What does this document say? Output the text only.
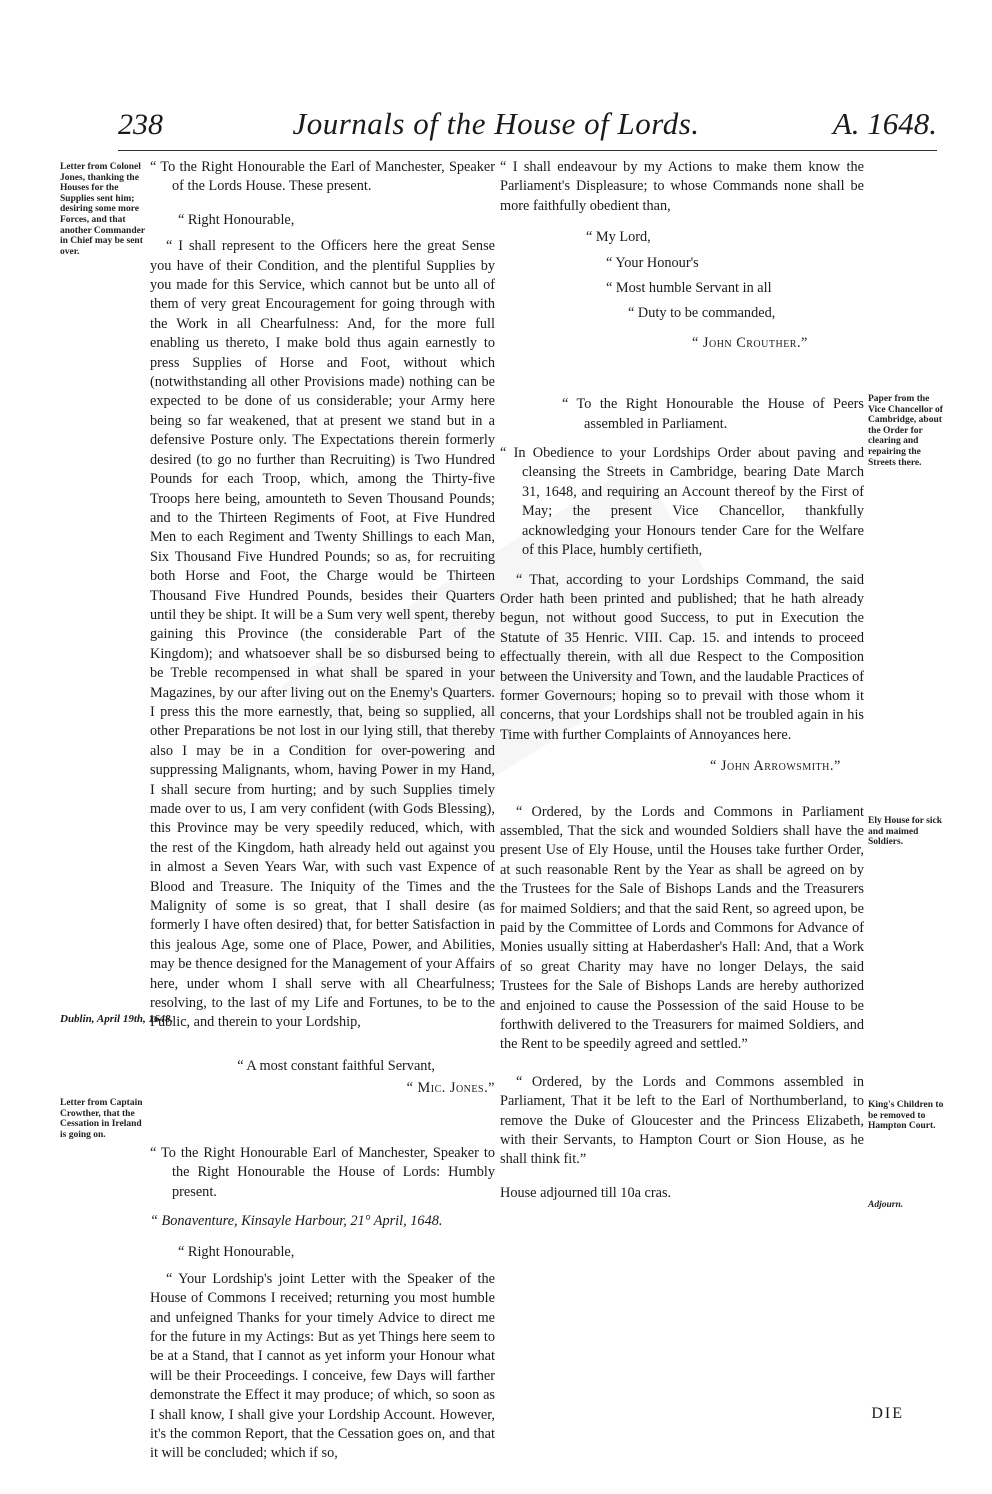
238	Journals of the House of Lords.	A. 1648.
Letter from Colonel Jones, thanking the Houses for the Supplies sent him; desiring some more Forces, and that another Commander in Chief may be sent over.
Letter from Captain Crowther, that the Cessation in Ireland is going on.
Paper from the Vice Chancellor of Cambridge, about the Order for clearing and repairing the Streets there.
Ely House for sick and maimed Soldiers.
King's Children to be removed to Hampton Court.
Adjourn.
Dublin, April 19th, 1648.

“ To the Right Honourable the Earl of Manchester, Speaker of the Lords House. These present.

“ Right Honourable,

“ I shall represent to the Officers here the great Sense you have of their Condition, and the plentiful Supplies by you made for this Service, which cannot but be unto all of them of very great Encouragement for going through with the Work in all Chearfulness: And, for the more full enabling us thereto, I make bold thus again earnestly to press Supplies of Horse and Foot, without which (notwithstanding all other Provisions made) nothing can be expected to be done of us considerable; your Army here being so far weakened, that at present we stand but in a defensive Posture only. The Expectations therein formerly desired (to go no further than Recruiting) is Two Hundred Pounds for each Troop, which, among the Thirty-five Troops here being, amounteth to Seven Thousand Pounds; and to the Thirteen Regiments of Foot, at Five Hundred Men to each Regiment and Twenty Shillings to each Man, Six Thousand Five Hundred Pounds; so as, for recruiting both Horse and Foot, the Charge would be Thirteen Thousand Five Hundred Pounds, besides their Quarters until they be shipt. It will be a Sum very well spent, thereby gaining this Province (the considerable Part of the Kingdom); and whatsoever shall be so disbursed being to be Treble recompensed in what shall be spared in your Magazines, by our after living out on the Enemy's Quarters. I press this the more earnestly, that, being so supplied, all other Preparations be not lost in our lying still, that thereby also I may be in a Condition for over-powering and suppressing Malignants, whom, having Power in my Hand, I shall secure from hurting; and by such Supplies timely made over to us, I am very confident (with Gods Blessing), this Province may be very speedily reduced, which, with the rest of the Kingdom, hath already held out against you in almost a Seven Years War, with such vast Expence of Blood and Treasure. The Iniquity of the Times and the Malignity of some is so great, that I shall desire (as formerly I have often desired) that, for better Satisfaction in this jealous Age, some one of Place, Power, and Abilities, may be thence designed for the Management of your Affairs here, under whom I shall serve with all Chearfulness; resolving, to the last of my Life and Fortunes, to be to the Public, and therein to your Lordship,

“ A most constant faithful Servant,

“ Mic. Jones.”

“ To the Right Honourable Earl of Manchester, Speaker to the Right Honourable the House of Lords: Humbly present.

“ Bonaventure, Kinsayle Harbour, 21° April, 1648.

“ Right Honourable,

“ Your Lordship's joint Letter with the Speaker of the House of Commons I received; returning you most humble and unfeigned Thanks for your timely Advice to direct me for the future in my Actings: But as yet Things here seem to be at a Stand, that I cannot as yet inform your Honour what will be their Proceedings. I conceive, few Days will farther demonstrate the Effect it may produce; of which, so soon as I shall know, I shall give your Lordship Account. However, it's the common Report, that the Cessation goes on, and that it will be concluded; which if so,

“ I shall endeavour by my Actions to make them know the Parliament's Displeasure; to whose Commands none shall be more faithfully obedient than,

“ My Lord,

“ Your Honour's

“ Most humble Servant in all

“ Duty to be commanded,

“ John Crouther.”

“ To the Right Honourable the House of Peers assembled in Parliament.

“ In Obedience to your Lordships Order about paving and cleansing the Streets in Cambridge, bearing Date March 31, 1648, and requiring an Account thereof by the First of May; the present Vice Chancellor, thankfully acknowledging your Honours tender Care for the Welfare of this Place, humbly certifieth,

“ That, according to your Lordships Command, the said Order hath been printed and published; that he hath already begun, not without good Success, to put in Execution the Statute of 35 Henric. VIII. Cap. 15. and intends to proceed effectually therein, with all due Respect to the Composition between the University and Town, and the laudable Practices of former Governours; hoping so to prevail with those whom it concerns, that your Lordships shall not be troubled again in his Time with further Complaints of Annoyances here.

“ John Arrowsmith.”

“ Ordered, by the Lords and Commons in Parliament assembled, That the sick and wounded Soldiers shall have the present Use of Ely House, until the Houses take further Order, at such reasonable Rent by the Year as shall be agreed on by the Trustees for the Sale of Bishops Lands and the Treasurers for maimed Soldiers; and that the said Rent, so agreed upon, be paid by the Committee of Lords and Commons for Advance of Monies usually sitting at Haberdasher's Hall: And, that a Work of so great Charity may have no longer Delays, the said Trustees for the Sale of Bishops Lands are hereby authorized and enjoined to cause the Possession of the said House to be forthwith delivered to the Treasurers for maimed Soldiers, and the Rent to be speedily agreed and settled.”

“ Ordered, by the Lords and Commons assembled in Parliament, That it be left to the Earl of Northumberland, to remove the Duke of Gloucester and the Princess Elizabeth, with their Servants, to Hampton Court or Sion House, as he shall think fit.”

House adjourned till 10a cras.

DIE
